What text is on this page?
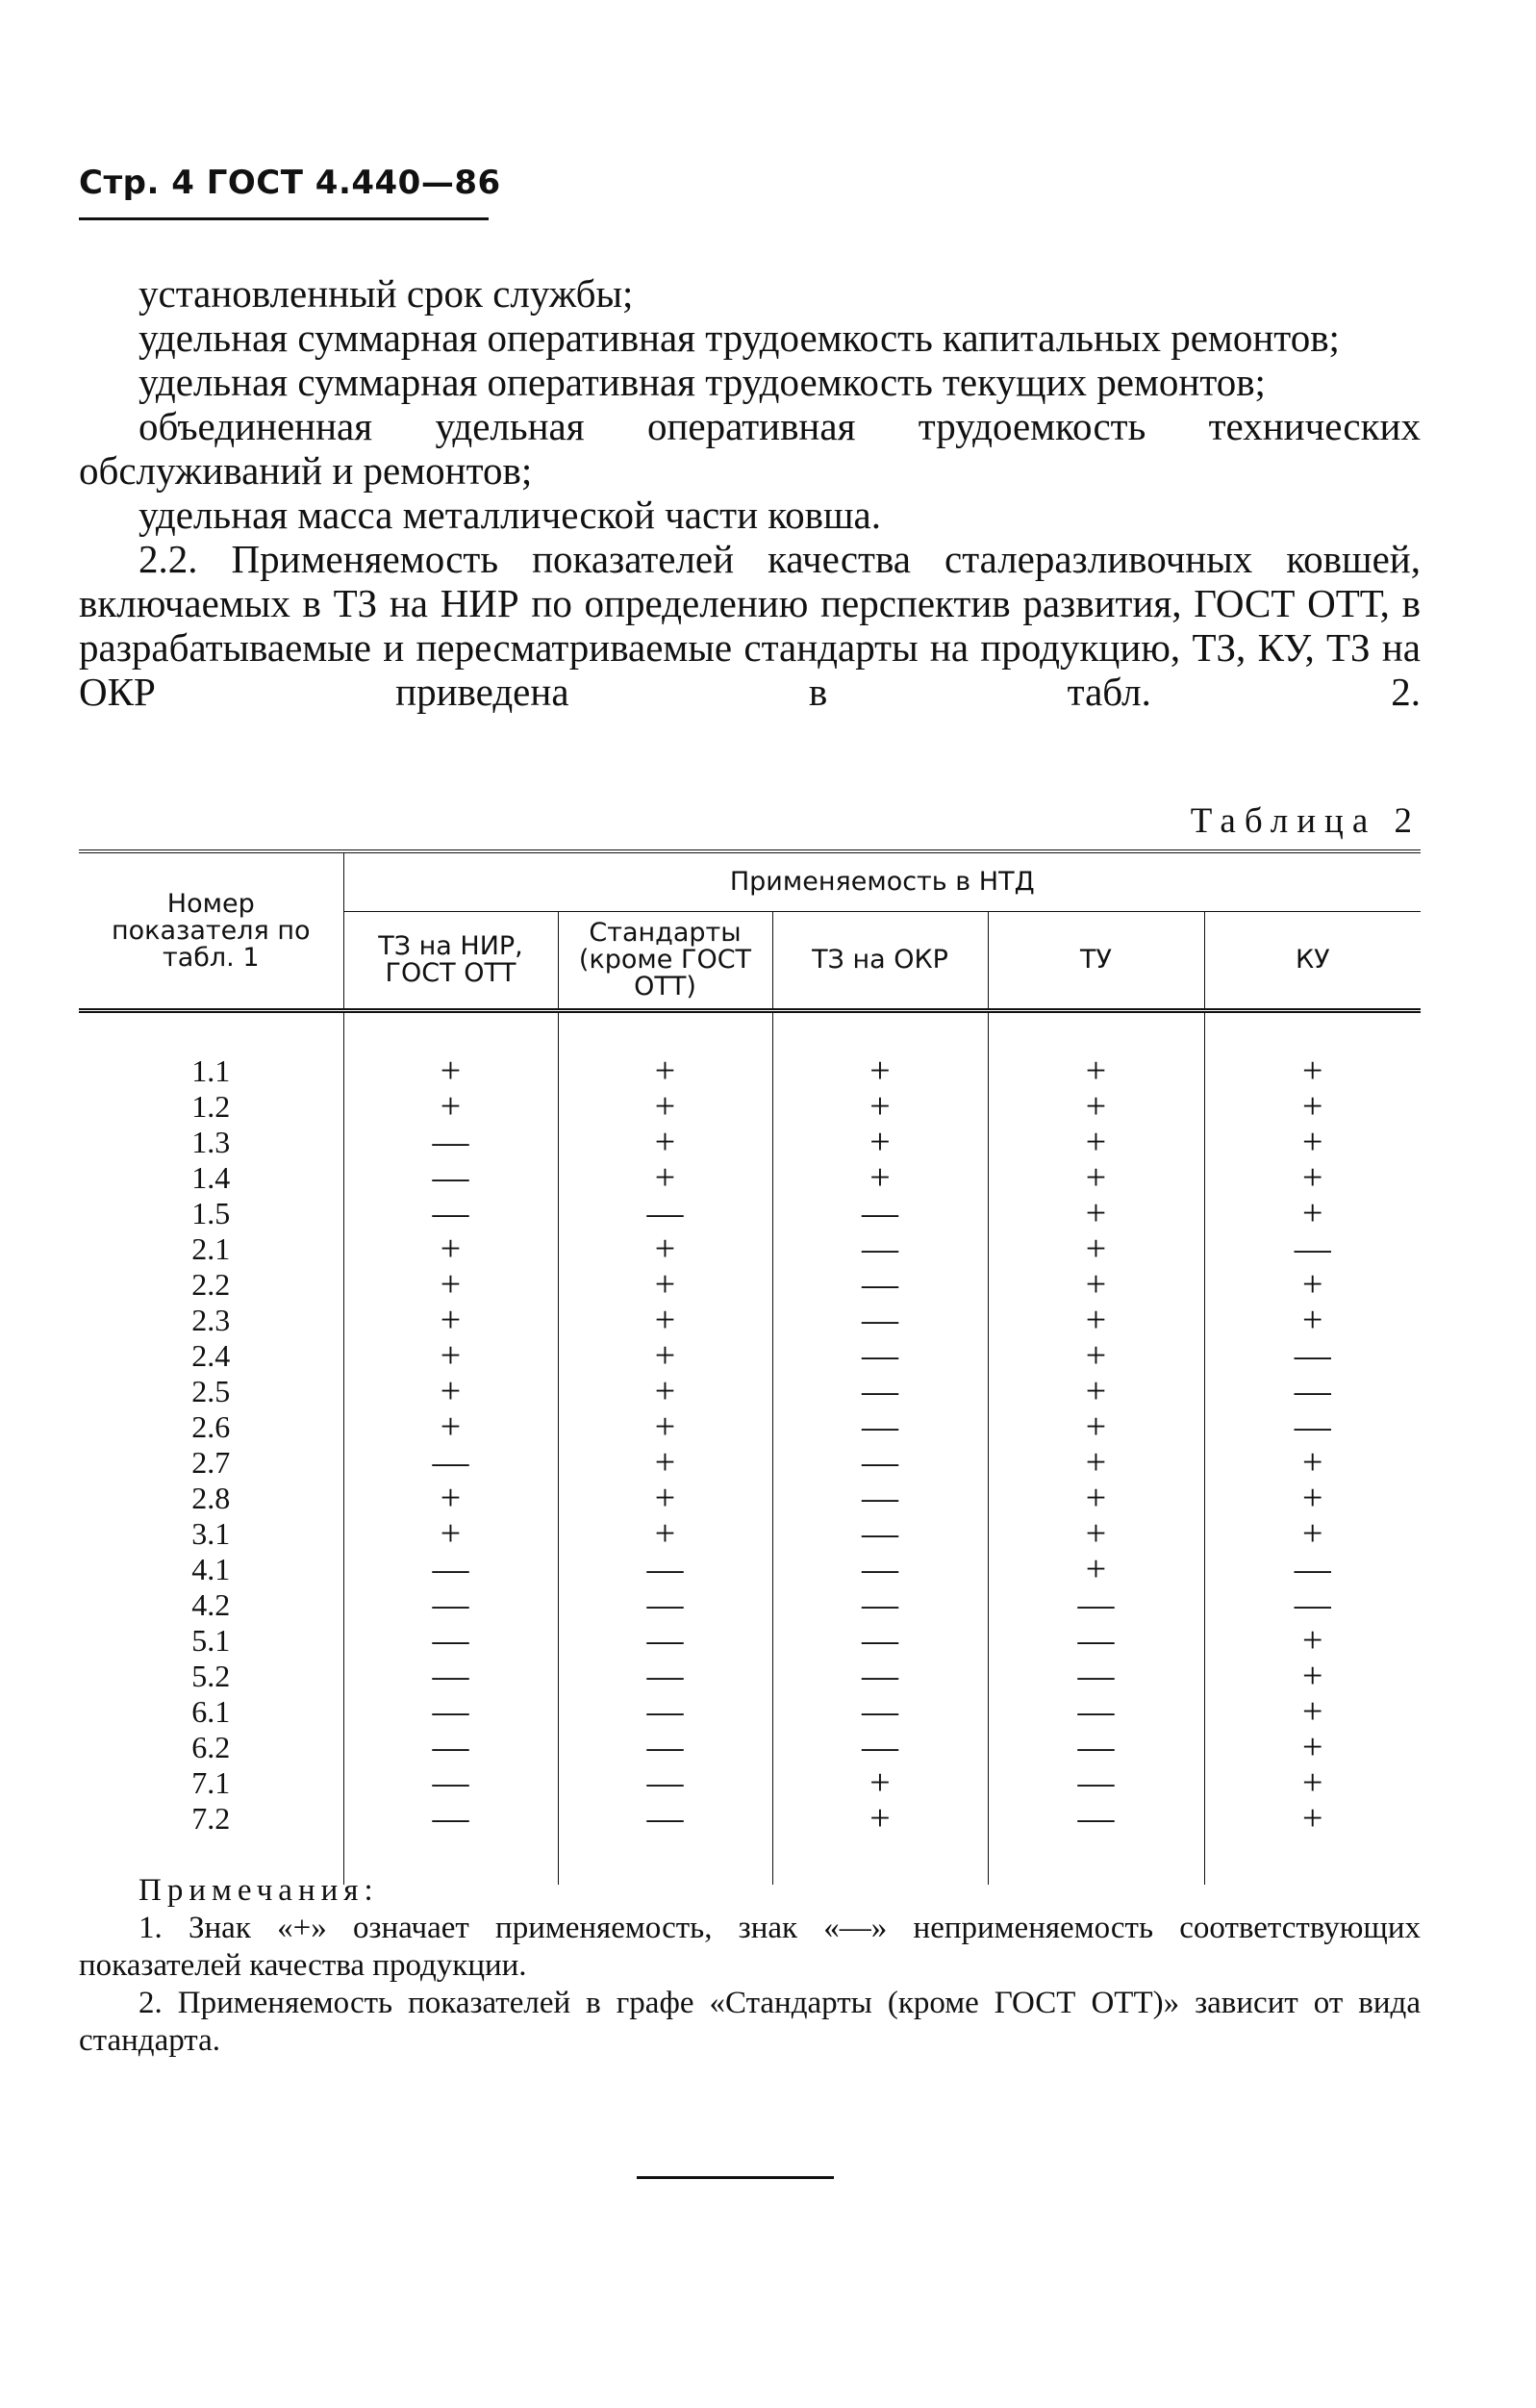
Стр. 4 ГОСТ 4.440—86

установленный срок службы;

удельная суммарная оперативная трудоемкость капитальных ремонтов;

удельная суммарная оперативная трудоемкость текущих ремонтов;

объединенная удельная оперативная трудоемкость технических обслуживаний и ремонтов;

удельная масса металлической части ковша.

2.2. Применяемость показателей качества сталеразливочных ковшей, включаемых в ТЗ на НИР по определению перспектив развития, ГОСТ ОТТ, в разрабатываемые и пересматриваемые стандарты на продукцию, ТЗ, КУ, ТЗ на ОКР приведена в табл. 2.

Таблица 2
Номер показателя по табл. 1	Применяемость в НТД				
	ТЗ на НИР, ГОСТ ОТТ	Стандарты (кроме ГОСТ ОТТ)	ТЗ на ОКР	ТУ	КУ

1.1	+	+	+	+	+
1.2	+	+	+	+	+
1.3	—	+	+	+	+
1.4	—	+	+	+	+
1.5	—	—	—	+	+
2.1	+	+	—	+	—
2.2	+	+	—	+	+
2.3	+	+	—	+	+
2.4	+	+	—	+	—
2.5	+	+	—	+	—
2.6	+	+	—	+	—
2.7	—	+	—	+	+
2.8	+	+	—	+	+
3.1	+	+	—	+	+
4.1	—	—	—	+	—
4.2	—	—	—	—	—
5.1	—	—	—	—	+
5.2	—	—	—	—	+
6.1	—	—	—	—	+
6.2	—	—	—	—	+
7.1	—	—	+	—	+
7.2	—	—	+	—	+

Примечания:

1. Знак «+» означает применяемость, знак «—» неприменяемость соответствующих показателей качества продукции.

2. Применяемость показателей в графе «Стандарты (кроме ГОСТ ОТТ)» зависит от вида стандарта.
